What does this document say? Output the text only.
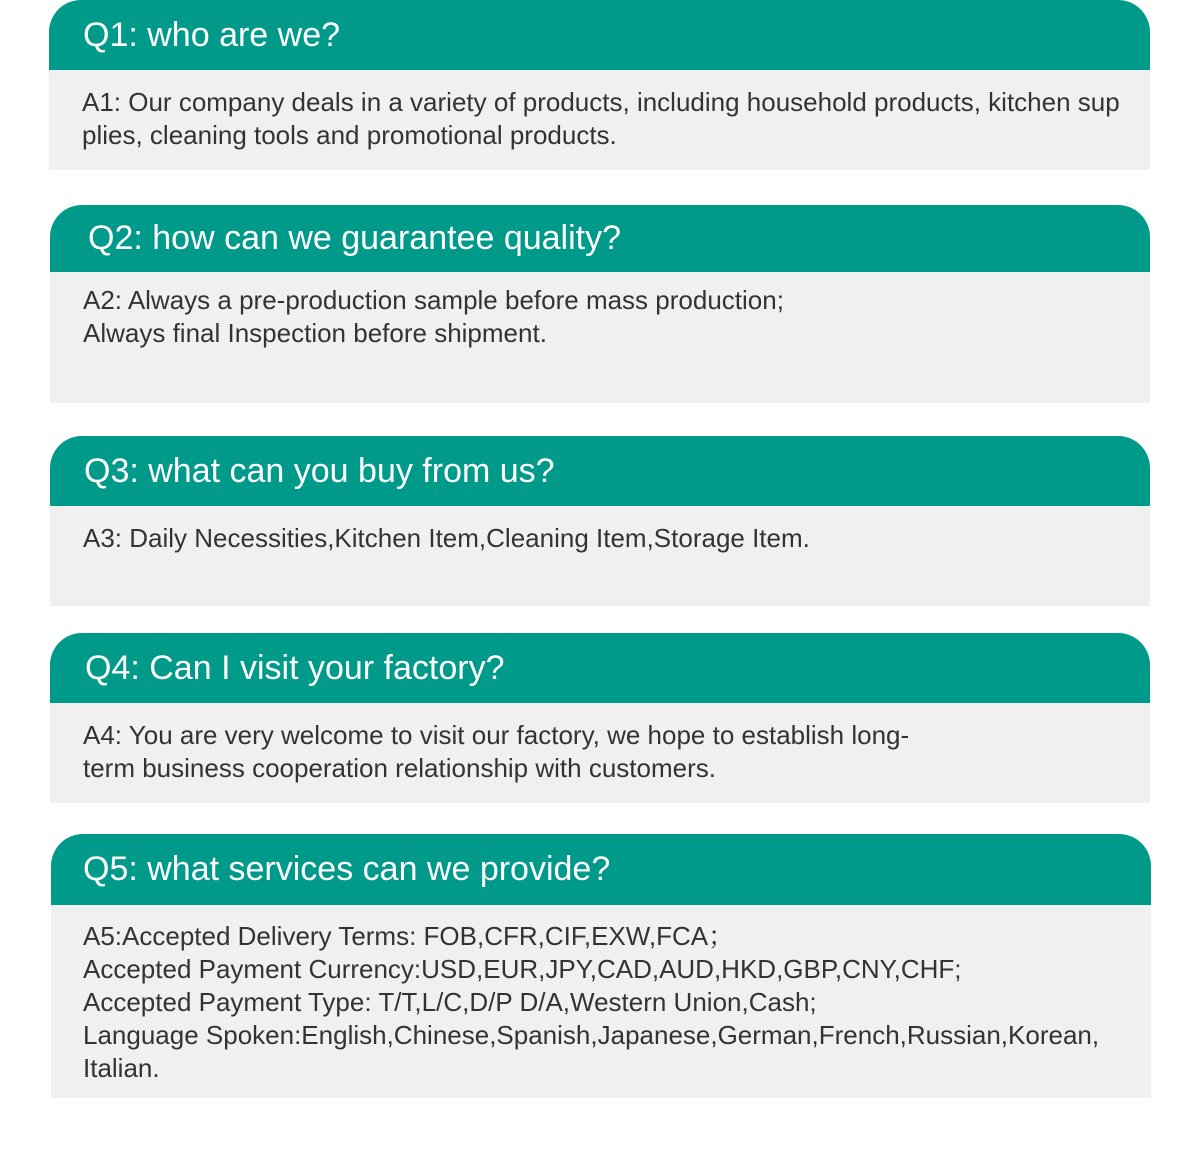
Q1: who are we?
A1: Our company deals in a variety of products, including household products, kitchen sup
plies, cleaning tools and promotional products.
Q2: how can we guarantee quality?
A2: Always a pre-production sample before mass production;
Always final Inspection before shipment.
Q3: what can you buy from us?
A3: Daily Necessities,Kitchen Item,Cleaning Item,Storage Item.
Q4: Can I visit your factory?
A4: You are very welcome to visit our factory, we hope to establish long-
term business cooperation relationship with customers.
Q5: what services can we provide?
A5:Accepted Delivery Terms: FOB,CFR,CIF,EXW,FCA；
Accepted Payment Currency:USD,EUR,JPY,CAD,AUD,HKD,GBP,CNY,CHF;
Accepted Payment Type: T/T,L/C,D/P D/A,Western Union,Cash;
Language Spoken:English,Chinese,Spanish,Japanese,German,French,Russian,Korean,
Italian.
